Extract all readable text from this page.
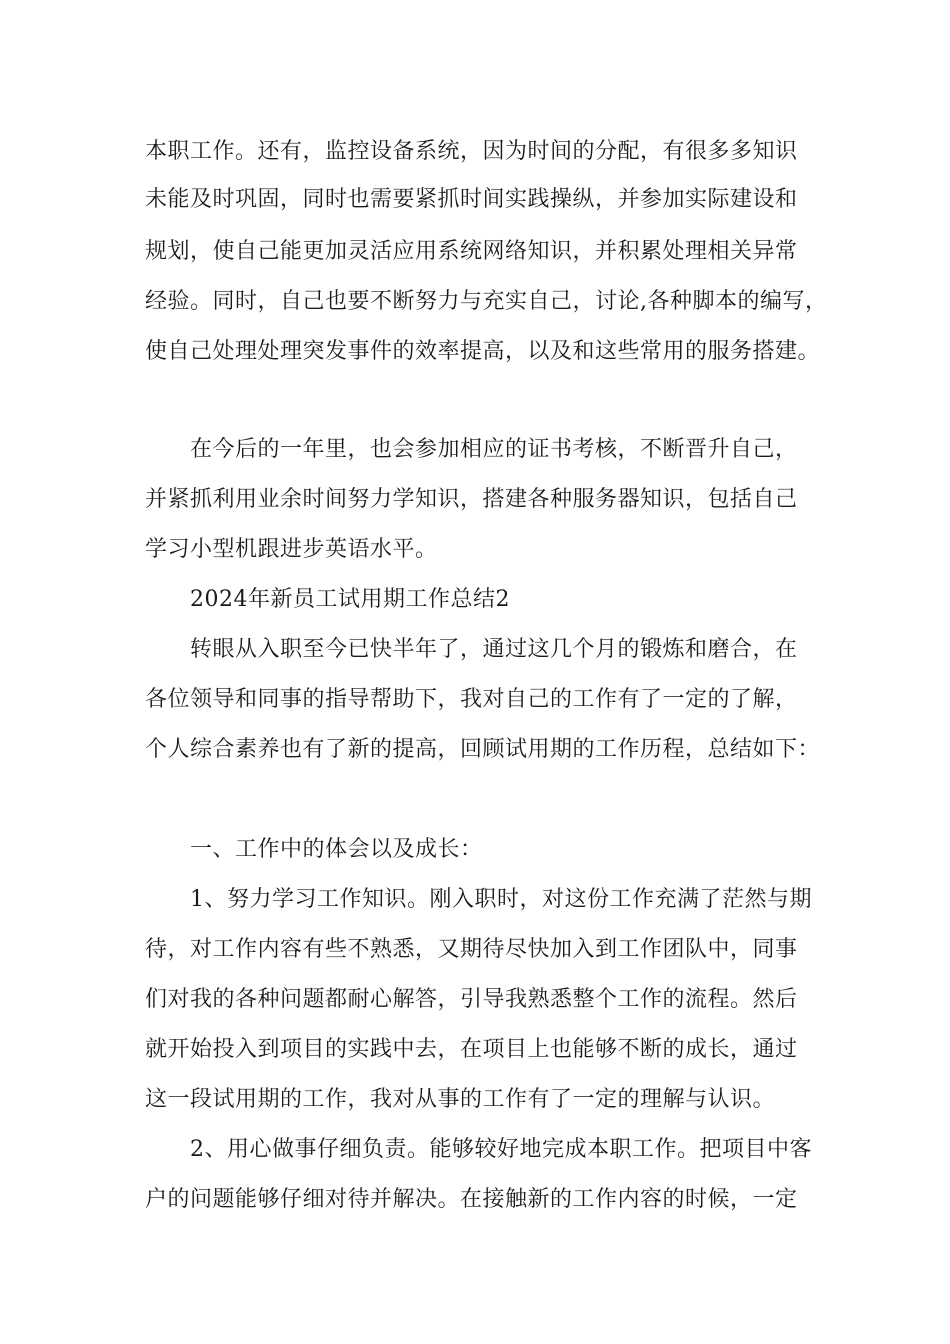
本职工作。还有，监控设备系统，因为时间的分配，有很多多知识
未能及时巩固，同时也需要紧抓时间实践操纵，并参加实际建设和
规划，使自己能更加灵活应用系统网络知识，并积累处理相关异常
经验。同时，自己也要不断努力与充实自己，讨论,各种脚本的编写，
使自己处理处理突发事件的效率提高，以及和这些常用的服务搭建。
在今后的一年里，也会参加相应的证书考核，不断晋升自己，
并紧抓利用业余时间努力学知识，搭建各种服务器知识，包括自己
学习小型机跟进步英语水平。
2024年新员工试用期工作总结2
转眼从入职至今已快半年了，通过这几个月的锻炼和磨合，在
各位领导和同事的指导帮助下，我对自己的工作有了一定的了解，
个人综合素养也有了新的提高，回顾试用期的工作历程，总结如下：
一、工作中的体会以及成长：
1、努力学习工作知识。刚入职时，对这份工作充满了茫然与期
待，对工作内容有些不熟悉，又期待尽快加入到工作团队中，同事
们对我的各种问题都耐心解答，引导我熟悉整个工作的流程。然后
就开始投入到项目的实践中去，在项目上也能够不断的成长，通过
这一段试用期的工作，我对从事的工作有了一定的理解与认识。
2、用心做事仔细负责。能够较好地完成本职工作。把项目中客
户的问题能够仔细对待并解决。在接触新的工作内容的时候，一定
